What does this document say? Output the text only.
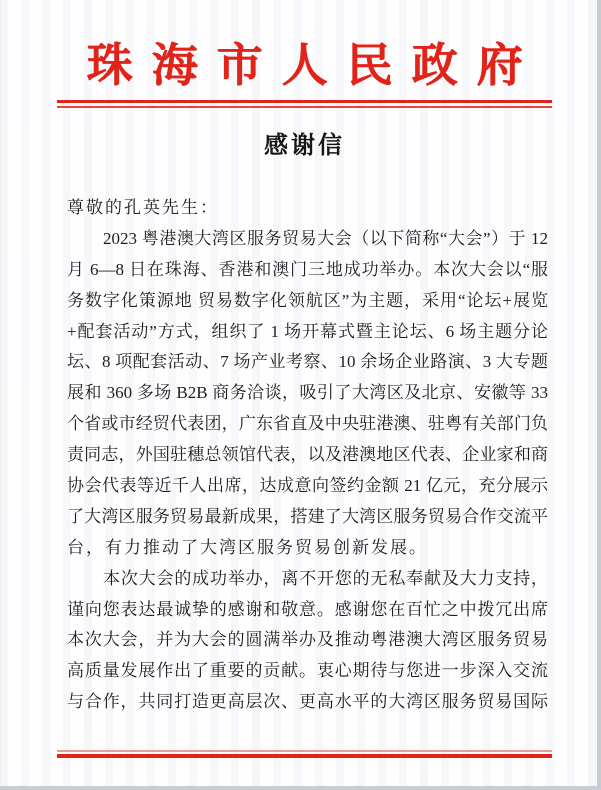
珠海市人民政府
感谢信
尊敬的孔英先生：
2023 粤港澳大湾区服务贸易大会（以下简称“大会”）于 12
月 6—8 日在珠海、香港和澳门三地成功举办。本次大会以“服
务数字化策源地 贸易数字化领航区”为主题，采用“论坛+展览
+配套活动”方式，组织了 1 场开幕式暨主论坛、6 场主题分论
坛、8 项配套活动、7 场产业考察、10 余场企业路演、3 大专题
展和 360 多场 B2B 商务洽谈，吸引了大湾区及北京、安徽等 33
个省或市经贸代表团，广东省直及中央驻港澳、驻粤有关部门负
责同志，外国驻穗总领馆代表，以及港澳地区代表、企业家和商
协会代表等近千人出席，达成意向签约金额 21 亿元，充分展示
了大湾区服务贸易最新成果，搭建了大湾区服务贸易合作交流平
台，有力推动了大湾区服务贸易创新发展。
本次大会的成功举办，离不开您的无私奉献及大力支持，
谨向您表达最诚挚的感谢和敬意。感谢您在百忙之中拨冗出席
本次大会，并为大会的圆满举办及推动粤港澳大湾区服务贸易
高质量发展作出了重要的贡献。衷心期待与您进一步深入交流
与合作，共同打造更高层次、更高水平的大湾区服务贸易国际
